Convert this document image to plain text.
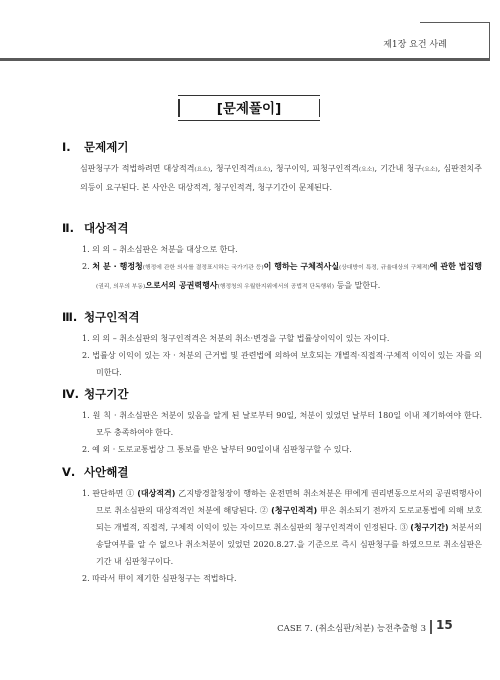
제1장 요건 사례
[문제풀이]
Ⅰ. 문제제기
심판청구가 적법하려면 대상적격(요소), 청구인적격(요소), 청구이익, 피청구인적격(요소), 기간내 청구(요소), 심판전치주의등이 요구된다. 본 사안은 대상적격, 청구인적격, 청구기간이 문제된다.
Ⅱ. 대상적격
1. 의 의 – 취소심판은 처분을 대상으로 한다.
2. 처 분 · 행정청(행정에 관한 의사를 결정표시하는 국가기관 등)이 행하는 구체적사실(상대방이 특정, 규율대상의 구체적)에 관한 법집행(권리, 의무의 부동)으로서의 공권력행사(행정청의 우월한지위에서의 공법적 단독행위) 등을 말한다.
Ⅲ. 청구인적격
1. 의 의 – 취소심판의 청구인적격은 처분의 취소·변경을 구할 법률상이익이 있는 자이다.
2. 법률상 이익이 있는 자 · 처분의 근거법 및 관련법에 의하여 보호되는 개별적·직접적·구체적 이익이 있는 자를 의미한다.
Ⅳ. 청구기간
1. 원 칙 · 취소심판은 처분이 있음을 알게 된 날로부터 90일, 처분이 있었던 날부터 180일 이내 제기하여야 한다. 모두 충족하여야 한다.
2. 예 외 · 도로교통법상 그 통보를 받은 날부터 90일이내 심판청구할 수 있다.
Ⅴ. 사안해결
1. 판단하면 ① (대상적격) 乙지방경찰청장이 행하는 운전면허 취소처분은 甲에게 권리변동으로서의 공권력행사이므로 취소심판의 대상적격인 처분에 해당된다. ② (청구인적격) 甲은 취소되기 전까지 도로교통법에 의해 보호되는 개별적, 직접적, 구체적 이익이 있는 자이므로 취소심판의 청구인적격이 인정된다. ③ (청구기간) 처분서의 송달여부를 알 수 없으나 취소처분이 있었던 2020.8.27.을 기준으로 즉시 심판청구를 하였으므로 취소심판은 기간 내 심판청구이다.
2. 따라서 甲이 제기한 심판청구는 적법하다.
CASE 7. (취소심판/처분) 능전추출형 3 15
